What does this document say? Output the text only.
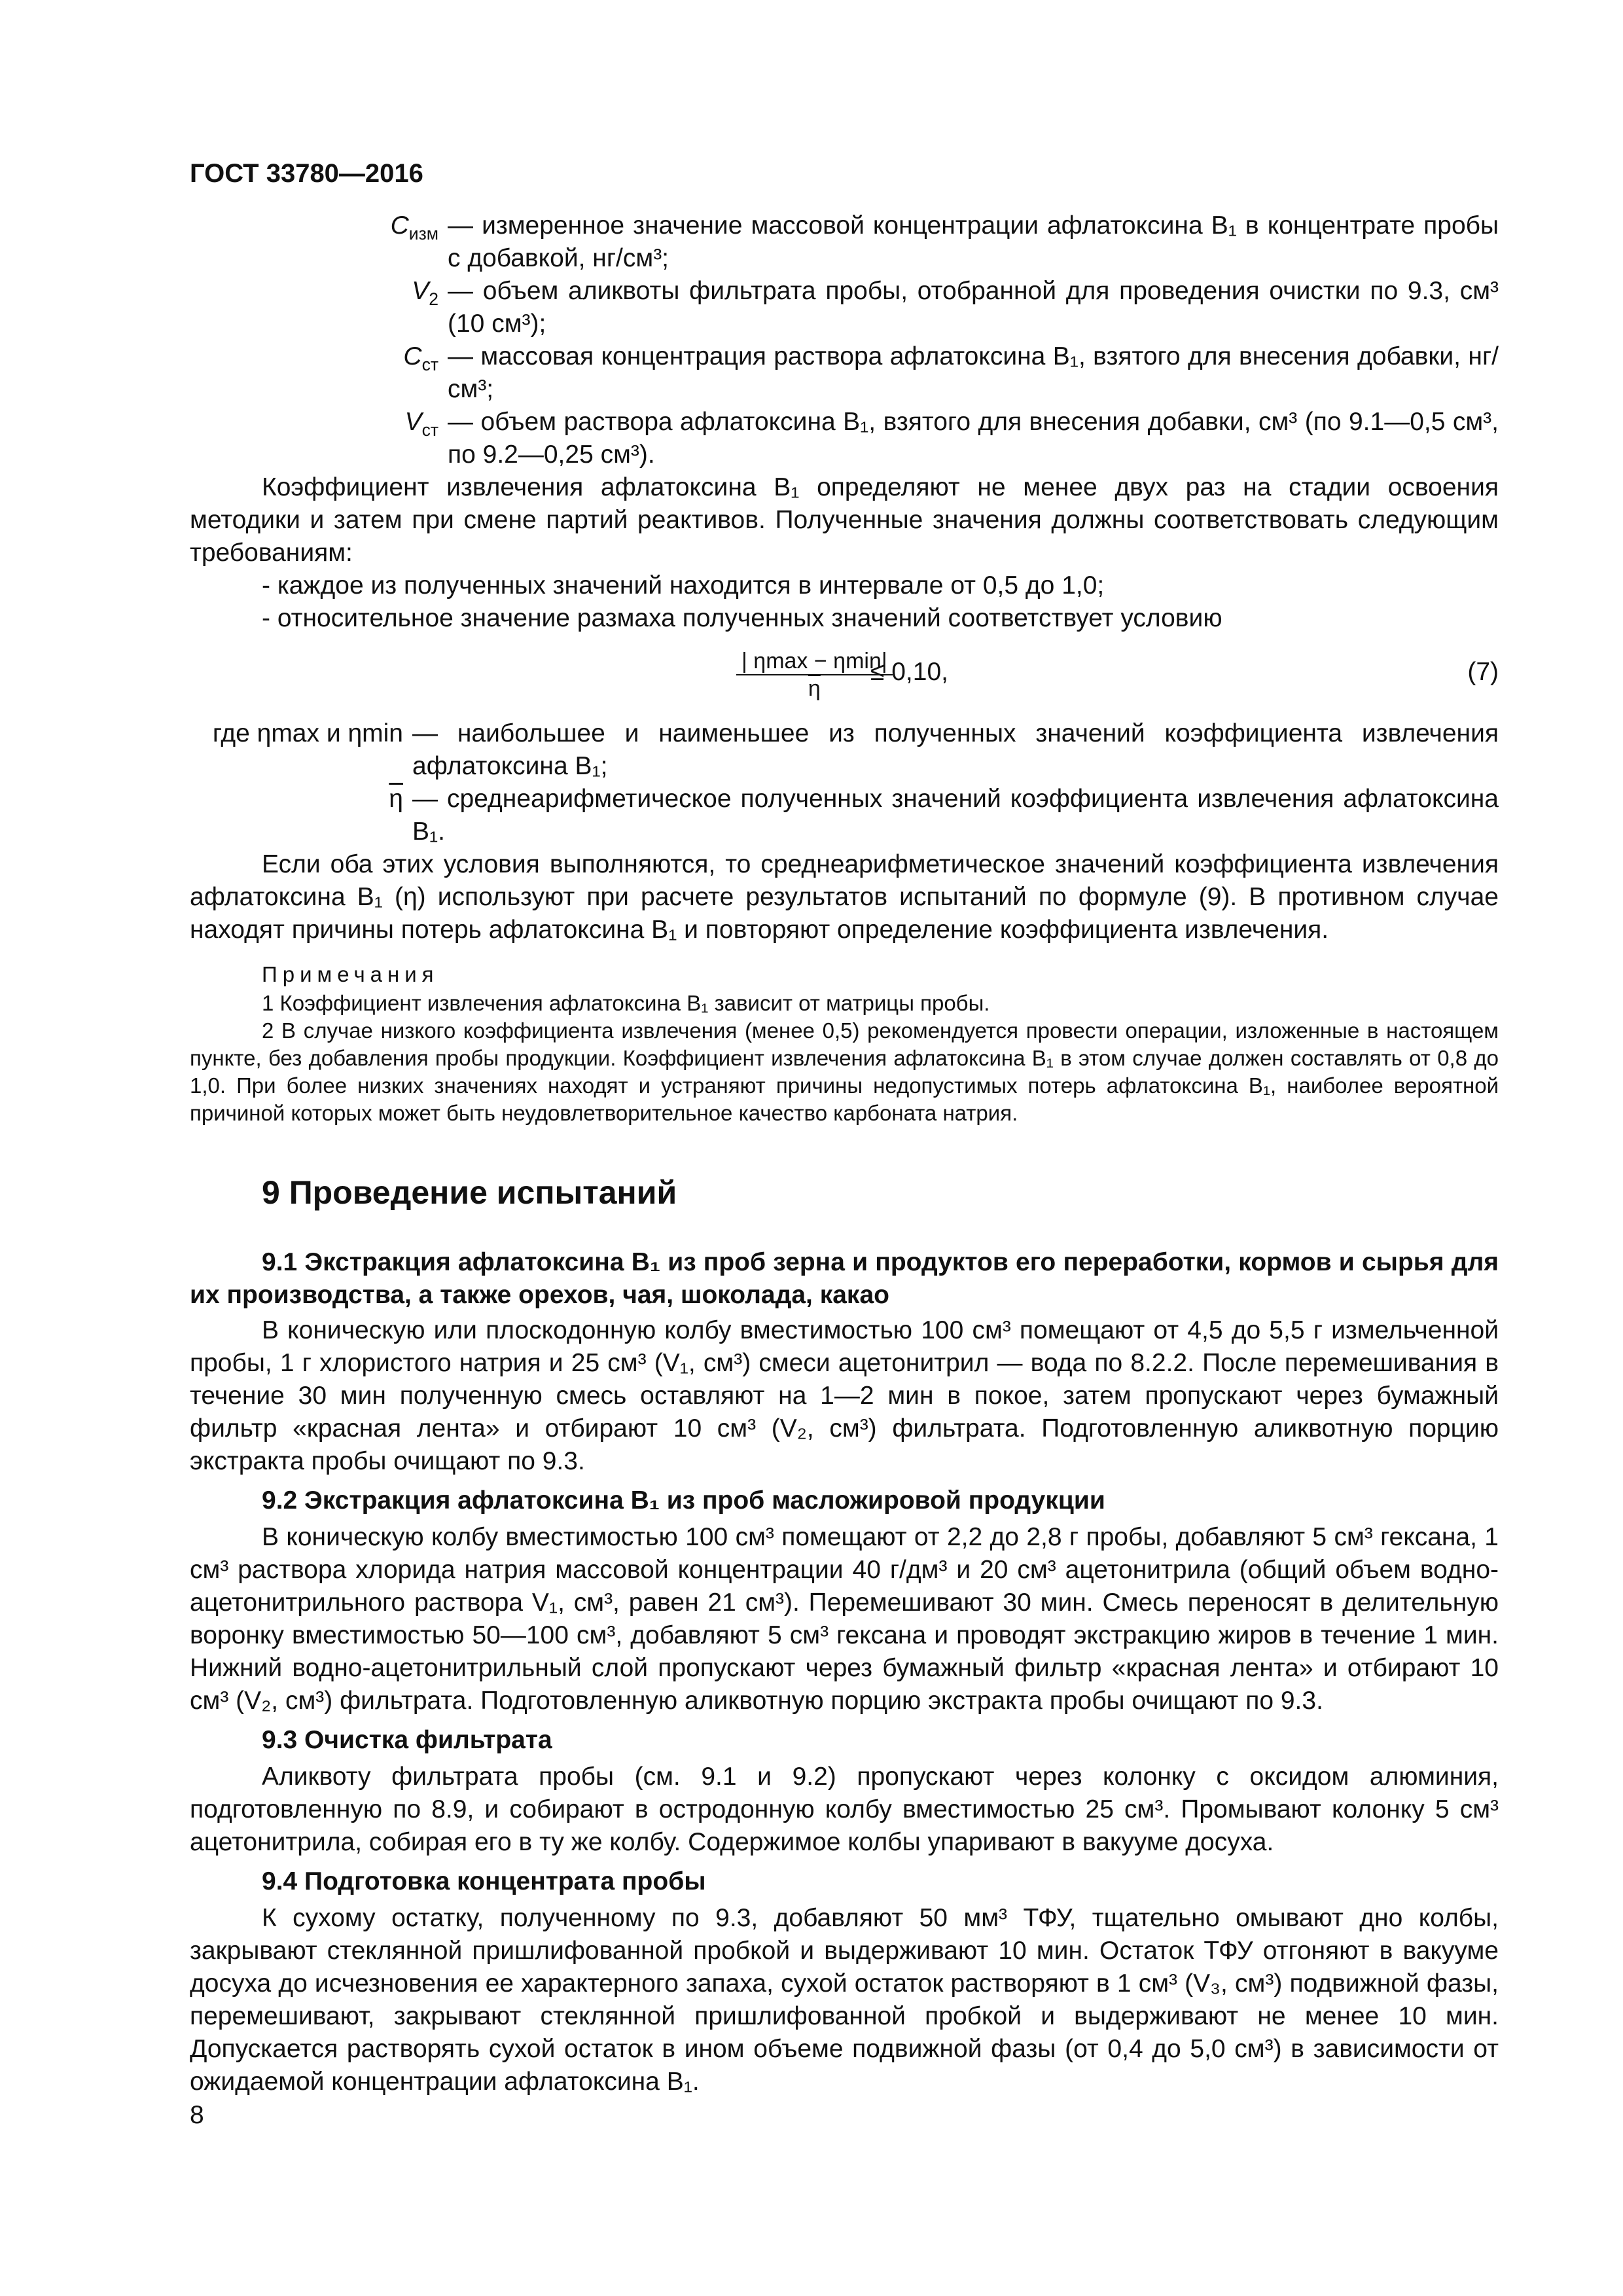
ГОСТ 33780—2016
$C_{изм}$ — измеренное значение массовой концентрации афлатоксина B₁ в концентрате пробы с добавкой, нг/см³;
$V_2$ — объем аликвоты фильтрата пробы, отобранной для проведения очистки по 9.3, см³ (10 см³);
$C_{ст}$ — массовая концентрация раствора афлатоксина B₁, взятого для внесения добавки, нг/см³;
$V_{ст}$ — объем раствора афлатоксина B₁, взятого для внесения добавки, см³ (по 9.1—0,5 см³, по 9.2—0,25 см³).

Коэффициент извлечения афлатоксина B₁ определяют не менее двух раз на стадии освоения методики и затем при смене партий реактивов. Полученные значения должны соответствовать следующим требованиям:

- каждое из полученных значений находится в интервале от 0,5 до 1,0;

- относительное значение размаха полученных значений соответствует условию

| ηmax − ηmin|
$\overline{\eta}$
≤ 0,10,	(7)
где ηmax и ηmin — наибольшее и наименьшее из полученных значений коэффициента извлечения афлатоксина B₁;
$\overline{\eta}$ — среднеарифметическое полученных значений коэффициента извлечения афлатоксина B₁.

Если оба этих условия выполняются, то среднеарифметическое значений коэффициента извлечения афлатоксина B₁ (η) используют при расчете результатов испытаний по формуле (9). В противном случае находят причины потерь афлатоксина B₁ и повторяют определение коэффициента извлечения.

Примечания

1 Коэффициент извлечения афлатоксина B₁ зависит от матрицы пробы.

2 В случае низкого коэффициента извлечения (менее 0,5) рекомендуется провести операции, изложенные в настоящем пункте, без добавления пробы продукции. Коэффициент извлечения афлатоксина B₁ в этом случае должен составлять от 0,8 до 1,0. При более низких значениях находят и устраняют причины недопустимых потерь афлатоксина B₁, наиболее вероятной причиной которых может быть неудовлетворительное качество карбоната натрия.

9 Проведение испытаний
9.1 Экстракция афлатоксина B₁ из проб зерна и продуктов его переработки, кормов и сырья для их производства, а также орехов, чая, шоколада, какао

В коническую или плоскодонную колбу вместимостью 100 см³ помещают от 4,5 до 5,5 г измельченной пробы, 1 г хлористого натрия и 25 см³ (V₁, см³) смеси ацетонитрил — вода по 8.2.2. После перемешивания в течение 30 мин полученную смесь оставляют на 1—2 мин в покое, затем пропускают через бумажный фильтр «красная лента» и отбирают 10 см³ (V₂, см³) фильтрата. Подготовленную аликвотную порцию экстракта пробы очищают по 9.3.

9.2 Экстракция афлатоксина B₁ из проб масложировой продукции

В коническую колбу вместимостью 100 см³ помещают от 2,2 до 2,8 г пробы, добавляют 5 см³ гексана, 1 см³ раствора хлорида натрия массовой концентрации 40 г/дм³ и 20 см³ ацетонитрила (общий объем водно-ацетонитрильного раствора V₁, см³, равен 21 см³). Перемешивают 30 мин. Смесь переносят в делительную воронку вместимостью 50—100 см³, добавляют 5 см³ гексана и проводят экстракцию жиров в течение 1 мин. Нижний водно-ацетонитрильный слой пропускают через бумажный фильтр «красная лента» и отбирают 10 см³ (V₂, см³) фильтрата. Подготовленную аликвотную порцию экстракта пробы очищают по 9.3.

9.3 Очистка фильтрата

Аликвоту фильтрата пробы (см. 9.1 и 9.2) пропускают через колонку с оксидом алюминия, подготовленную по 8.9, и собирают в остродонную колбу вместимостью 25 см³. Промывают колонку 5 см³ ацетонитрила, собирая его в ту же колбу. Содержимое колбы упаривают в вакууме досуха.

9.4 Подготовка концентрата пробы

К сухому остатку, полученному по 9.3, добавляют 50 мм³ ТФУ, тщательно омывают дно колбы, закрывают стеклянной пришлифованной пробкой и выдерживают 10 мин. Остаток ТФУ отгоняют в вакууме досуха до исчезновения ее характерного запаха, сухой остаток растворяют в 1 см³ (V₃, см³) подвижной фазы, перемешивают, закрывают стеклянной пришлифованной пробкой и выдерживают не менее 10 мин. Допускается растворять сухой остаток в ином объеме подвижной фазы (от 0,4 до 5,0 см³) в зависимости от ожидаемой концентрации афлатоксина B₁.

8
